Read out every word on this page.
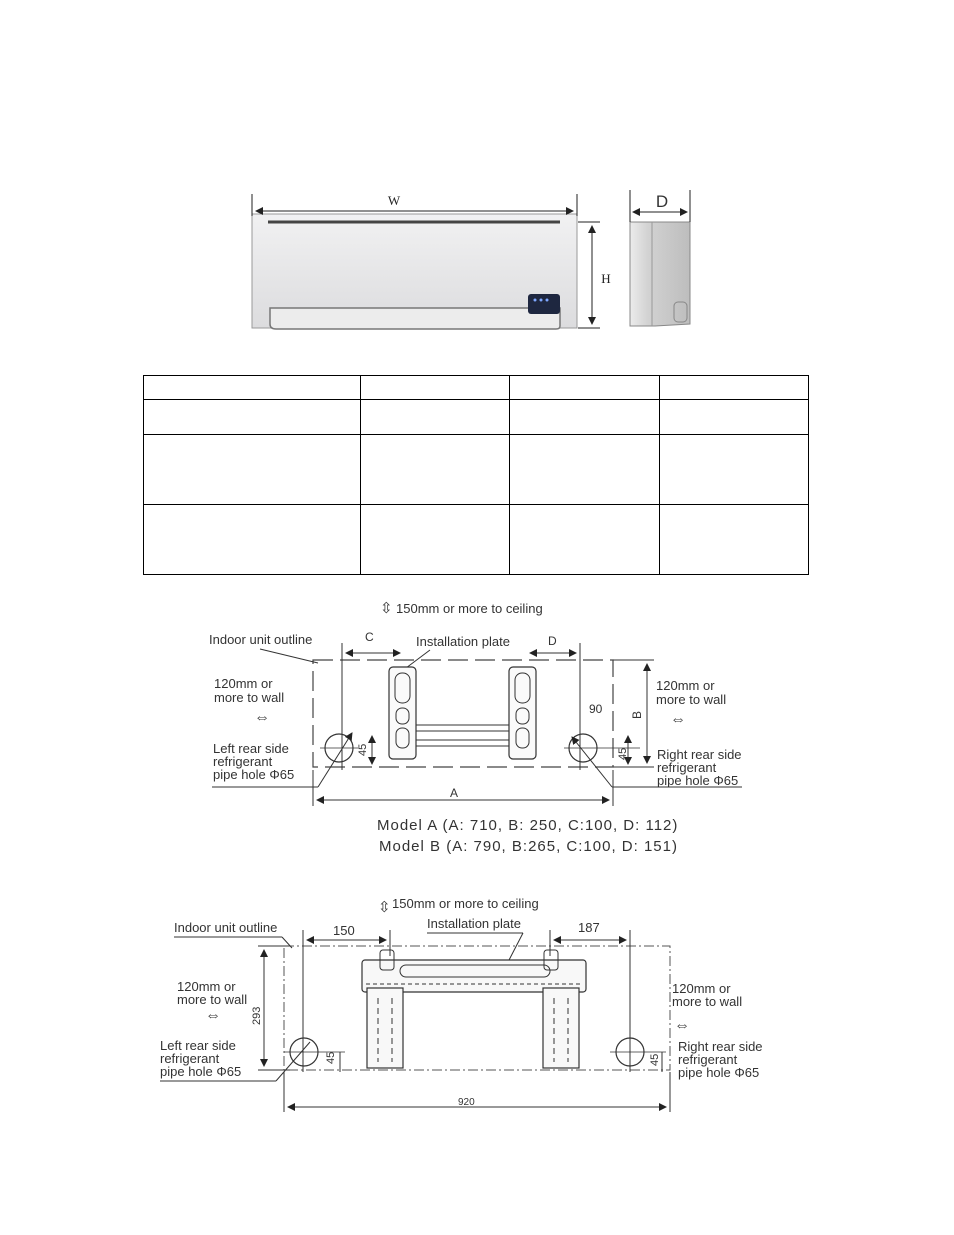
W
H
D
⇳ 150mm or more to ceiling
Indoor unit outline	Installation plate
C	D
45	45
90 B
A
120mm or
more to wall
⇔
Left rear side
refrigerant
pipe hole Φ65
120mm or
more to wall
⇔
Right rear side
refrigerant
pipe hole Φ65
Model A (A: 710, B: 250, C:100, D: 112)
Model B (A: 790, B:265, C:100, D: 151)
⇳ 150mm or more to ceiling
Indoor unit outline	Installation plate
150	187
45	45
293
920
120mm or
more to wall
⇔
Left rear side
refrigerant
pipe hole Φ65
120mm or
more to wall
⇔
Right rear side
refrigerant
pipe hole Φ65
